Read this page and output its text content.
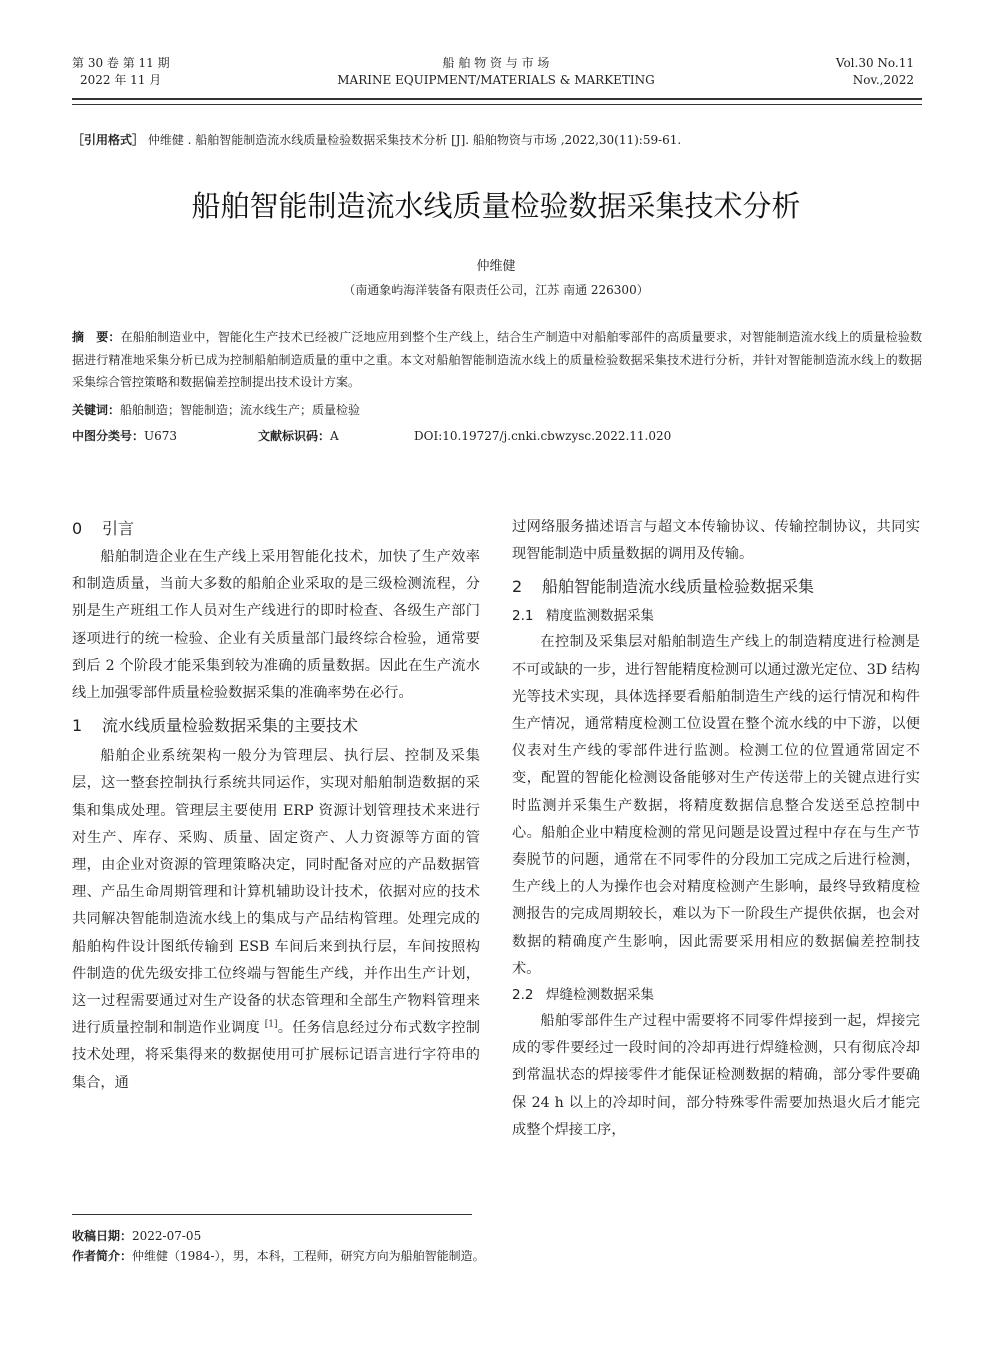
第 30 卷 第 11 期
2022 年 11 月
船 舶 物 资 与 市 场
MARINE EQUIPMENT/MATERIALS & MARKETING
Vol.30 No.11
Nov.,2022
［引用格式］ 仲维健 . 船舶智能制造流水线质量检验数据采集技术分析 [J]. 船舶物资与市场 ,2022,30(11):59-61.
船舶智能制造流水线质量检验数据采集技术分析
仲维健
（南通象屿海洋装备有限责任公司，江苏 南通 226300）

摘　要：在船舶制造业中，智能化生产技术已经被广泛地应用到整个生产线上，结合生产制造中对船舶零部件的高质量要求，对智能制造流水线上的质量检验数据进行精准地采集分析已成为控制船舶制造质量的重中之重。本文对船舶智能制造流水线上的质量检验数据采集技术进行分析，并针对智能制造流水线上的数据采集综合管控策略和数据偏差控制提出技术设计方案。

关键词：船舶制造；智能制造；流水线生产；质量检验
中图分类号：U673	文献标识码：A	DOI:10.19727/j.cnki.cbwzysc.2022.11.020
0 引言

船舶制造企业在生产线上采用智能化技术，加快了生产效率和制造质量，当前大多数的船舶企业采取的是三级检测流程，分别是生产班组工作人员对生产线进行的即时检查、各级生产部门逐项进行的统一检验、企业有关质量部门最终综合检验，通常要到后 2 个阶段才能采集到较为准确的质量数据。因此在生产流水线上加强零部件质量检验数据采集的准确率势在必行。

1 流水线质量检验数据采集的主要技术

船舶企业系统架构一般分为管理层、执行层、控制及采集层，这一整套控制执行系统共同运作，实现对船舶制造数据的采集和集成处理。管理层主要使用 ERP 资源计划管理技术来进行对生产、库存、采购、质量、固定资产、人力资源等方面的管理，由企业对资源的管理策略决定，同时配备对应的产品数据管理、产品生命周期管理和计算机辅助设计技术，依据对应的技术共同解决智能制造流水线上的集成与产品结构管理。处理完成的船舶构件设计图纸传输到 ESB 车间后来到执行层，车间按照构件制造的优先级安排工位终端与智能生产线，并作出生产计划，这一过程需要通过对生产设备的状态管理和全部生产物料管理来进行质量控制和制造作业调度 [1]。任务信息经过分布式数字控制技术处理，将采集得来的数据使用可扩展标记语言进行字符串的集合，通

过网络服务描述语言与超文本传输协议、传输控制协议，共同实现智能制造中质量数据的调用及传输。

2 船舶智能制造流水线质量检验数据采集
2.1 精度监测数据采集

在控制及采集层对船舶制造生产线上的制造精度进行检测是不可或缺的一步，进行智能精度检测可以通过激光定位、3D 结构光等技术实现，具体选择要看船舶制造生产线的运行情况和构件生产情况，通常精度检测工位设置在整个流水线的中下游，以便仪表对生产线的零部件进行监测。检测工位的位置通常固定不变，配置的智能化检测设备能够对生产传送带上的关键点进行实时监测并采集生产数据，将精度数据信息整合发送至总控制中心。船舶企业中精度检测的常见问题是设置过程中存在与生产节奏脱节的问题，通常在不同零件的分段加工完成之后进行检测，生产线上的人为操作也会对精度检测产生影响，最终导致精度检测报告的完成周期较长，难以为下一阶段生产提供依据，也会对数据的精确度产生影响，因此需要采用相应的数据偏差控制技术。

2.2 焊缝检测数据采集

船舶零部件生产过程中需要将不同零件焊接到一起，焊接完成的零件要经过一段时间的冷却再进行焊缝检测，只有彻底冷却到常温状态的焊接零件才能保证检测数据的精确，部分零件要确保 24 h 以上的冷却时间，部分特殊零件需要加热退火后才能完成整个焊接工序，

收稿日期：2022-07-05
作者简介：仲维健（1984-），男，本科，工程师，研究方向为船舶智能制造。
